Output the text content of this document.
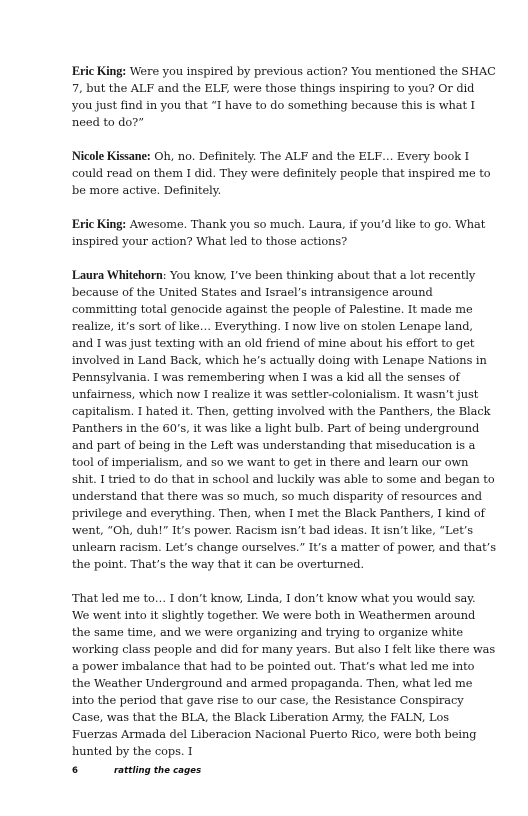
Eric King: Were you inspired by previous action? You mentioned the SHAC 7, but the ALF and the ELF, were those things inspiring to you? Or did you just find in you that “I have to do something because this is what I need to do?”

Nicole Kissane: Oh, no. Definitely. The ALF and the ELF… Every book I could read on them I did. They were definitely people that inspired me to be more active. Definitely.

Eric King: Awesome. Thank you so much. Laura, if you’d like to go. What inspired your action? What led to those actions?

Laura Whitehorn: You know, I’ve been thinking about that a lot recently because of the United States and Israel’s intransigence around committing total genocide against the people of Palestine. It made me realize, it’s sort of like… Everything. I now live on stolen Lenape land, and I was just texting with an old friend of mine about his effort to get involved in Land Back, which he’s actually doing with Lenape Nations in Pennsylvania. I was remembering when I was a kid all the senses of unfairness, which now I realize it was settler-colonialism. It wasn’t just capitalism. I hated it. Then, getting involved with the Panthers, the Black Panthers in the 60’s, it was like a light bulb. Part of being underground and part of being in the Left was understanding that miseducation is a tool of imperialism, and so we want to get in there and learn our own shit. I tried to do that in school and luckily was able to some and began to understand that there was so much, so much disparity of resources and privilege and everything. Then, when I met the Black Panthers, I kind of went, “Oh, duh!” It’s power. Racism isn’t bad ideas. It isn’t like, “Let’s unlearn racism. Let’s change ourselves.” It’s a matter of power, and that’s the point. That’s the way that it can be overturned.

That led me to… I don’t know, Linda, I don’t know what you would say. We went into it slightly together. We were both in Weathermen around the same time, and we were organizing and trying to organize white working class people and did for many years. But also I felt like there was a power imbalance that had to be pointed out. That’s what led me into the Weather Underground and armed propaganda. Then, what led me into the period that gave rise to our case, the Resistance Conspiracy Case, was that the BLA, the Black Liberation Army, the FALN, Los Fuerzas Armada del Liberacion Nacional Puerto Rico, were both being hunted by the cops. I

6	rattling the cages
